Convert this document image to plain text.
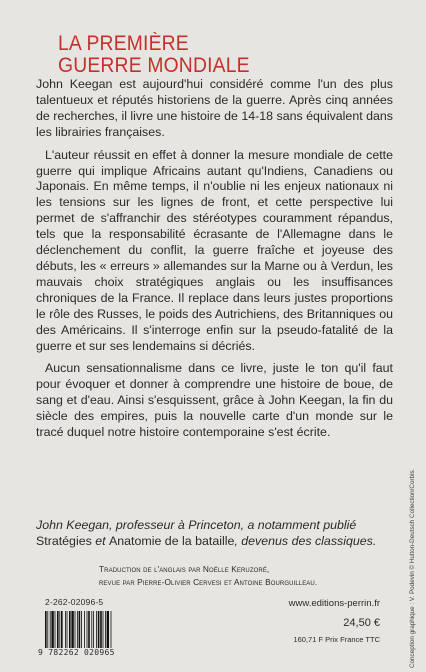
LA PREMIÈRE
GUERRE MONDIALE

John Keegan est aujourd'hui considéré comme l'un des plus talentueux et réputés historiens de la guerre. Après cinq années de recherches, il livre une histoire de 14-18 sans équivalent dans les librairies françaises.

L'auteur réussit en effet à donner la mesure mondiale de cette guerre qui implique Africains autant qu'Indiens, Canadiens ou Japonais. En même temps, il n'oublie ni les enjeux nationaux ni les tensions sur les lignes de front, et cette perspective lui permet de s'affranchir des stéréotypes couramment répandus, tels que la responsabilité écrasante de l'Allemagne dans le déclenchement du conflit, la guerre fraîche et joyeuse des débuts, les « erreurs » allemandes sur la Marne ou à Verdun, les mauvais choix stratégiques anglais ou les insuffisances chroniques de la France. Il replace dans leurs justes proportions le rôle des Russes, le poids des Autrichiens, des Britanniques ou des Américains. Il s'interroge enfin sur la pseudo-fatalité de la guerre et sur ses lendemains si décriés.

Aucun sensationnalisme dans ce livre, juste le ton qu'il faut pour évoquer et donner à comprendre une histoire de boue, de sang et d'eau. Ainsi s'esquissent, grâce à John Keegan, la fin du siècle des empires, puis la nouvelle carte d'un monde sur le tracé duquel notre histoire contemporaine s'est écrite.

John Keegan, professeur à Princeton, a notamment publié Stratégies et Anatomie de la bataille, devenus des classiques.
Traduction de l'anglais par Noëlle Keruzoré,
revue par Pierre-Olivier Cervesi et Antoine Bourguilleau.
2-262-02096-5
9 782262 020965
www.editions-perrin.fr
24,50 €
160,71 F Prix France TTC	Conception graphique : V. Podevin © Hulton-Deutsch Collection/Corbis.
